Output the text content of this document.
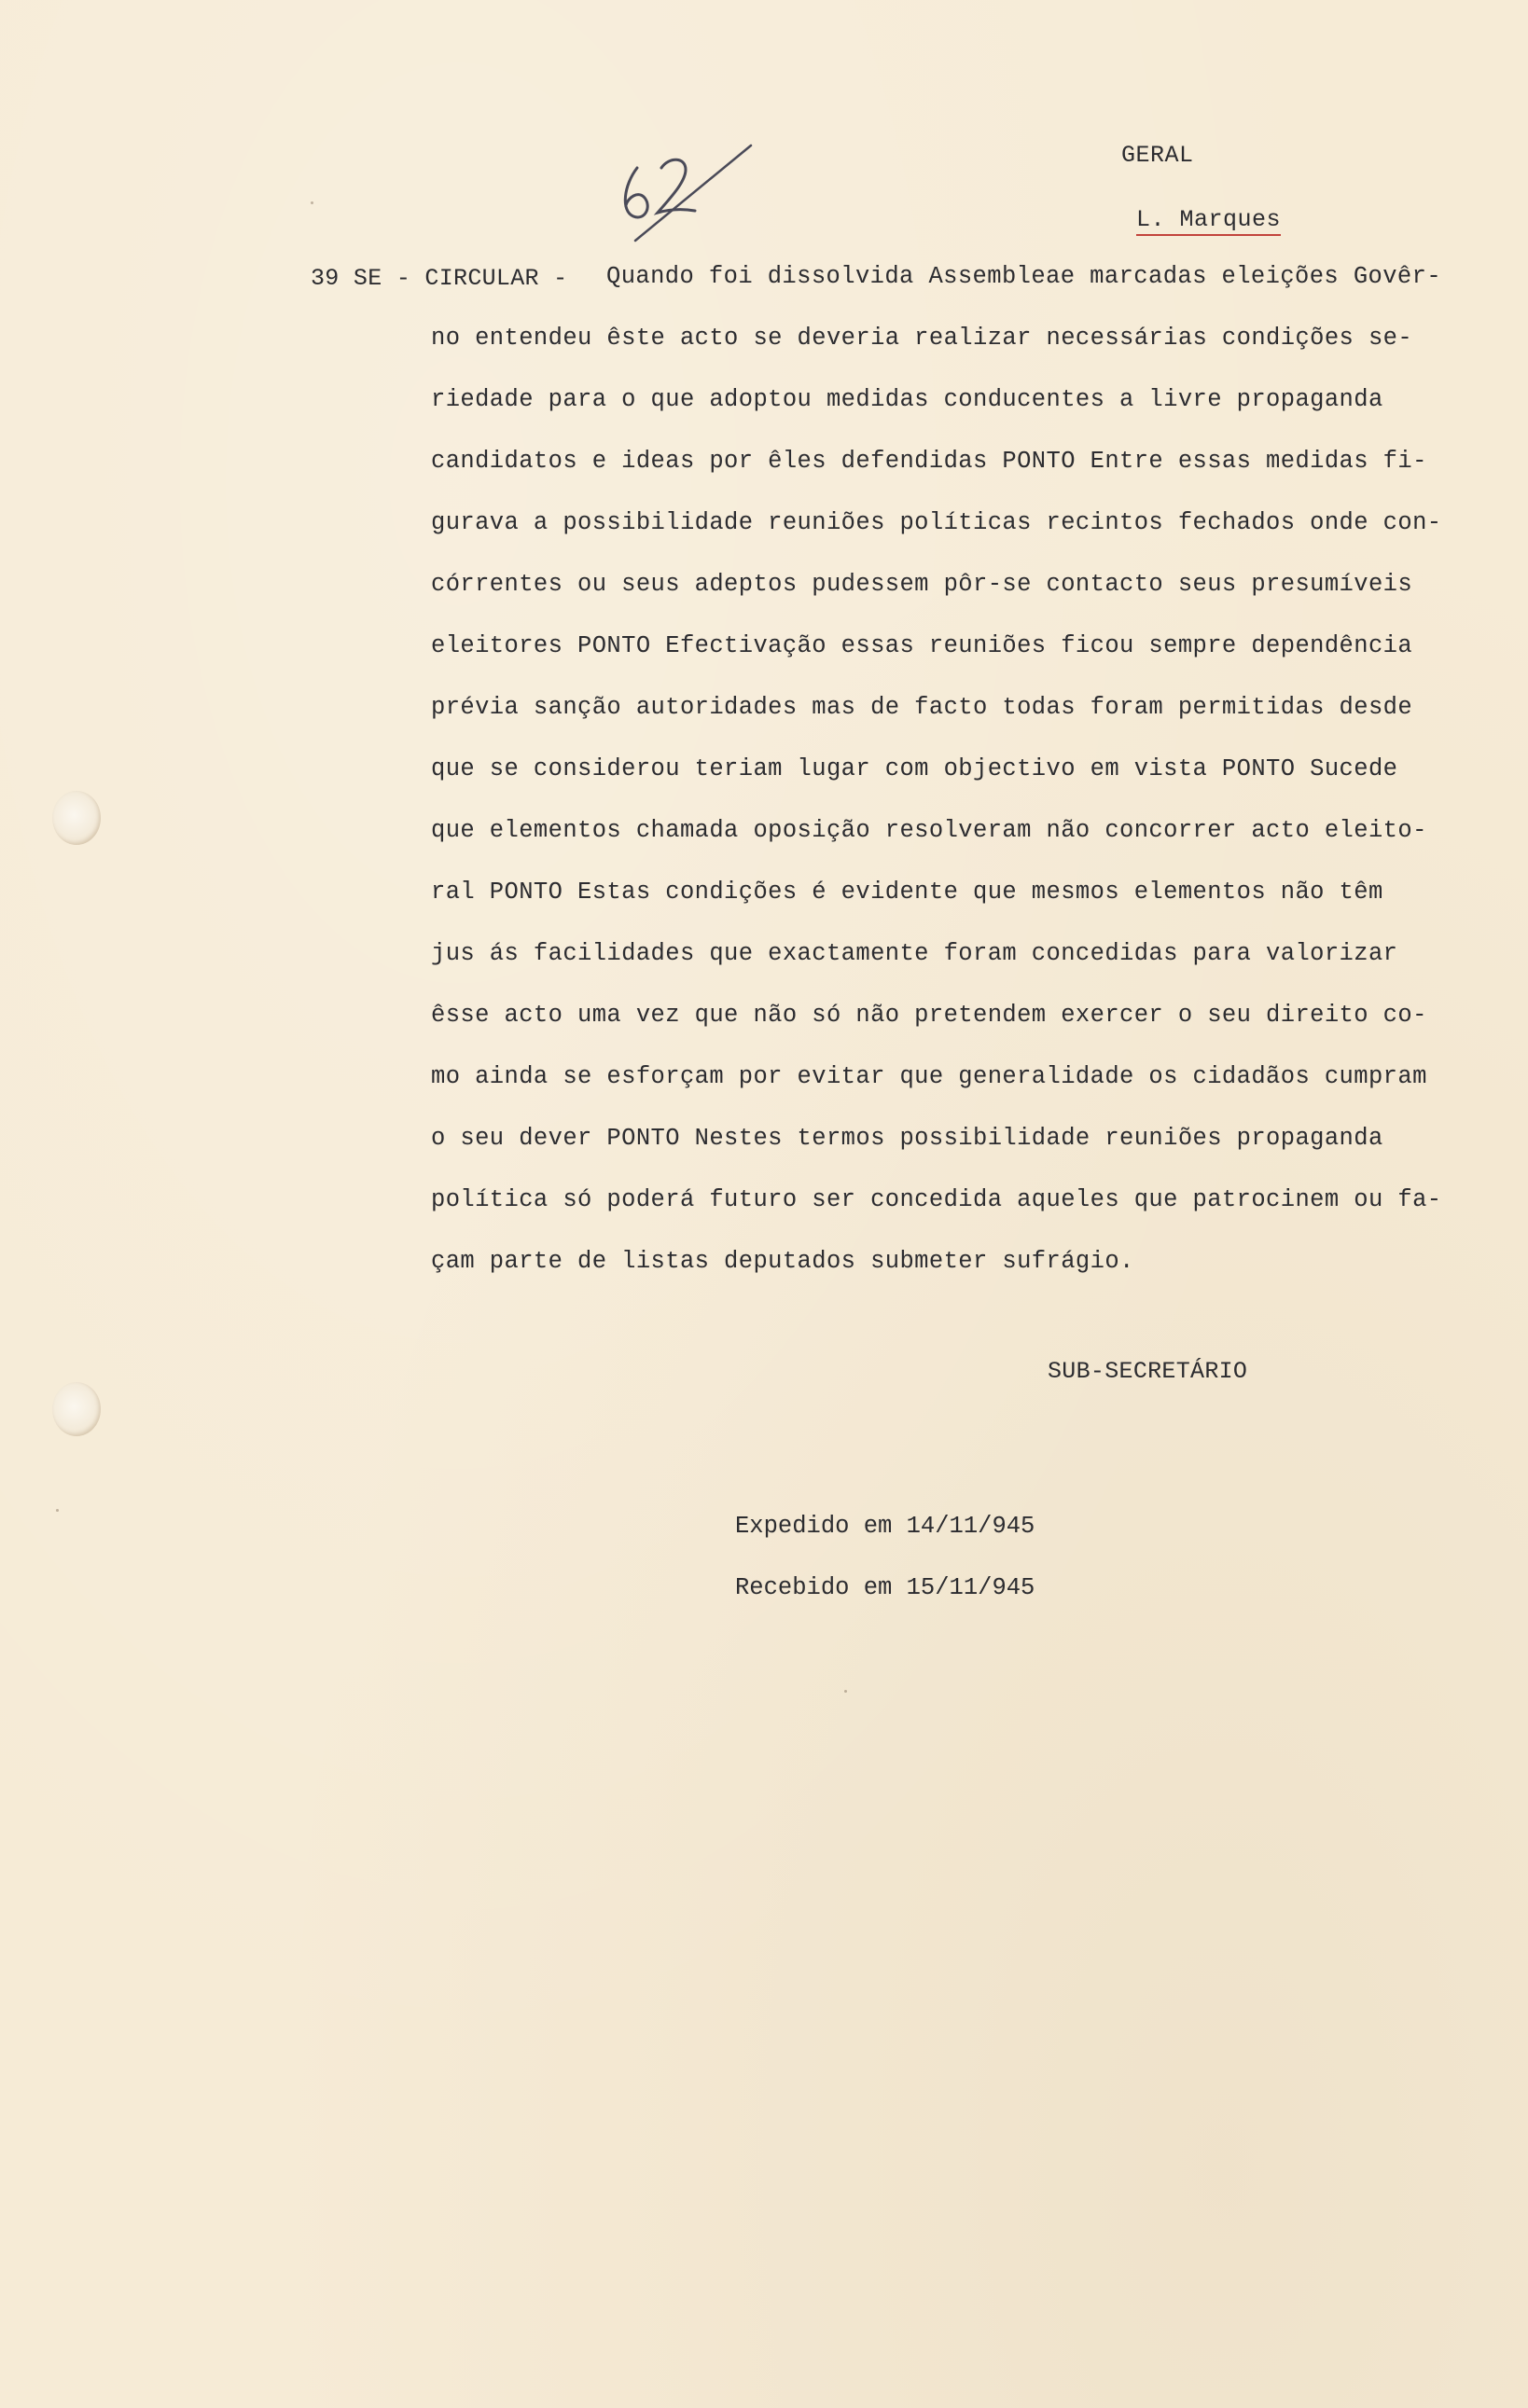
GERAL
L. Marques
39 SE - CIRCULAR - Quando foi dissolvida Assembleae marcadas eleições Govêr-
no entendeu êste acto se deveria realizar necessárias condições se-
riedade para o que adoptou medidas conducentes a livre propaganda
candidatos e ideas por êles defendidas PONTO Entre essas medidas fi-
gurava a possibilidade reuniões políticas recintos fechados onde con-
córrentes ou seus adeptos pudessem pôr-se contacto seus presumíveis
eleitores PONTO Efectivação essas reuniões ficou sempre dependência
prévia sanção autoridades mas de facto todas foram permitidas desde
que se considerou teriam lugar com objectivo em vista PONTO Sucede
que elementos chamada oposição resolveram não concorrer acto eleito-
ral PONTO Estas condições é evidente que mesmos elementos não têm
jus ás facilidades que exactamente foram concedidas para valorizar
êsse acto uma vez que não só não pretendem exercer o seu direito co-
mo ainda se esforçam por evitar que generalidade os cidadãos cumpram
o seu dever PONTO Nestes termos possibilidade reuniões propaganda
política só poderá futuro ser concedida aqueles que patrocinem ou fa-
çam parte de listas deputados submeter sufrágio.
SUB-SECRETÁRIO
Expedido em 14/11/945
Recebido em 15/11/945
